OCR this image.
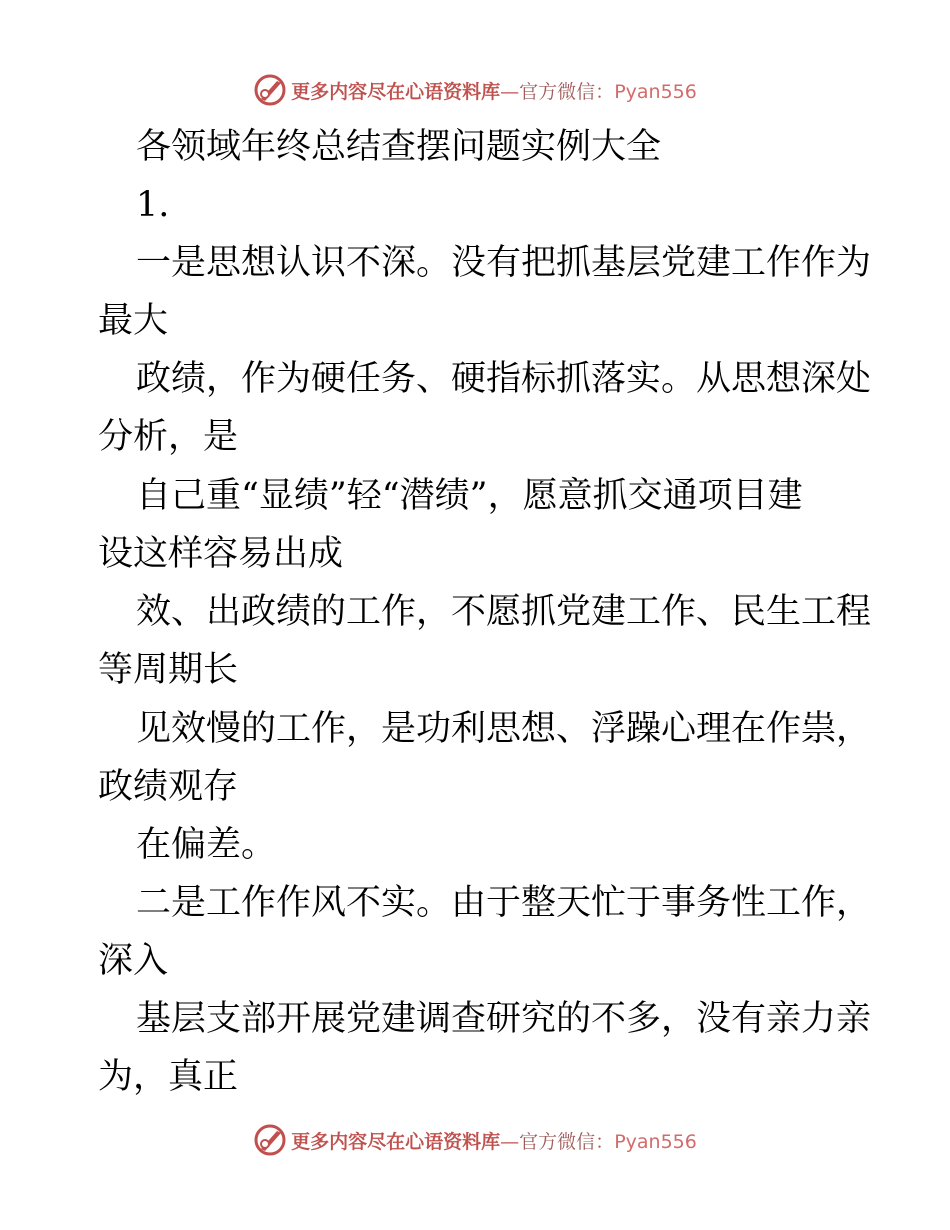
更多内容尽在心语资料库—官方微信：Pyan556
各领域年终总结查摆问题实例大全
1.
一是思想认识不深。没有把抓基层党建工作作为
最大
政绩，作为硬任务、硬指标抓落实。从思想深处
分析，是
自己重“显绩”轻“潜绩”，愿意抓交通项目建
设这样容易出成
效、出政绩的工作，不愿抓党建工作、民生工程
等周期长
见效慢的工作，是功利思想、浮躁心理在作祟，
政绩观存
在偏差。
二是工作作风不实。由于整天忙于事务性工作，
深入
基层支部开展党建调查研究的不多，没有亲力亲
为，真正
更多内容尽在心语资料库—官方微信：Pyan556
